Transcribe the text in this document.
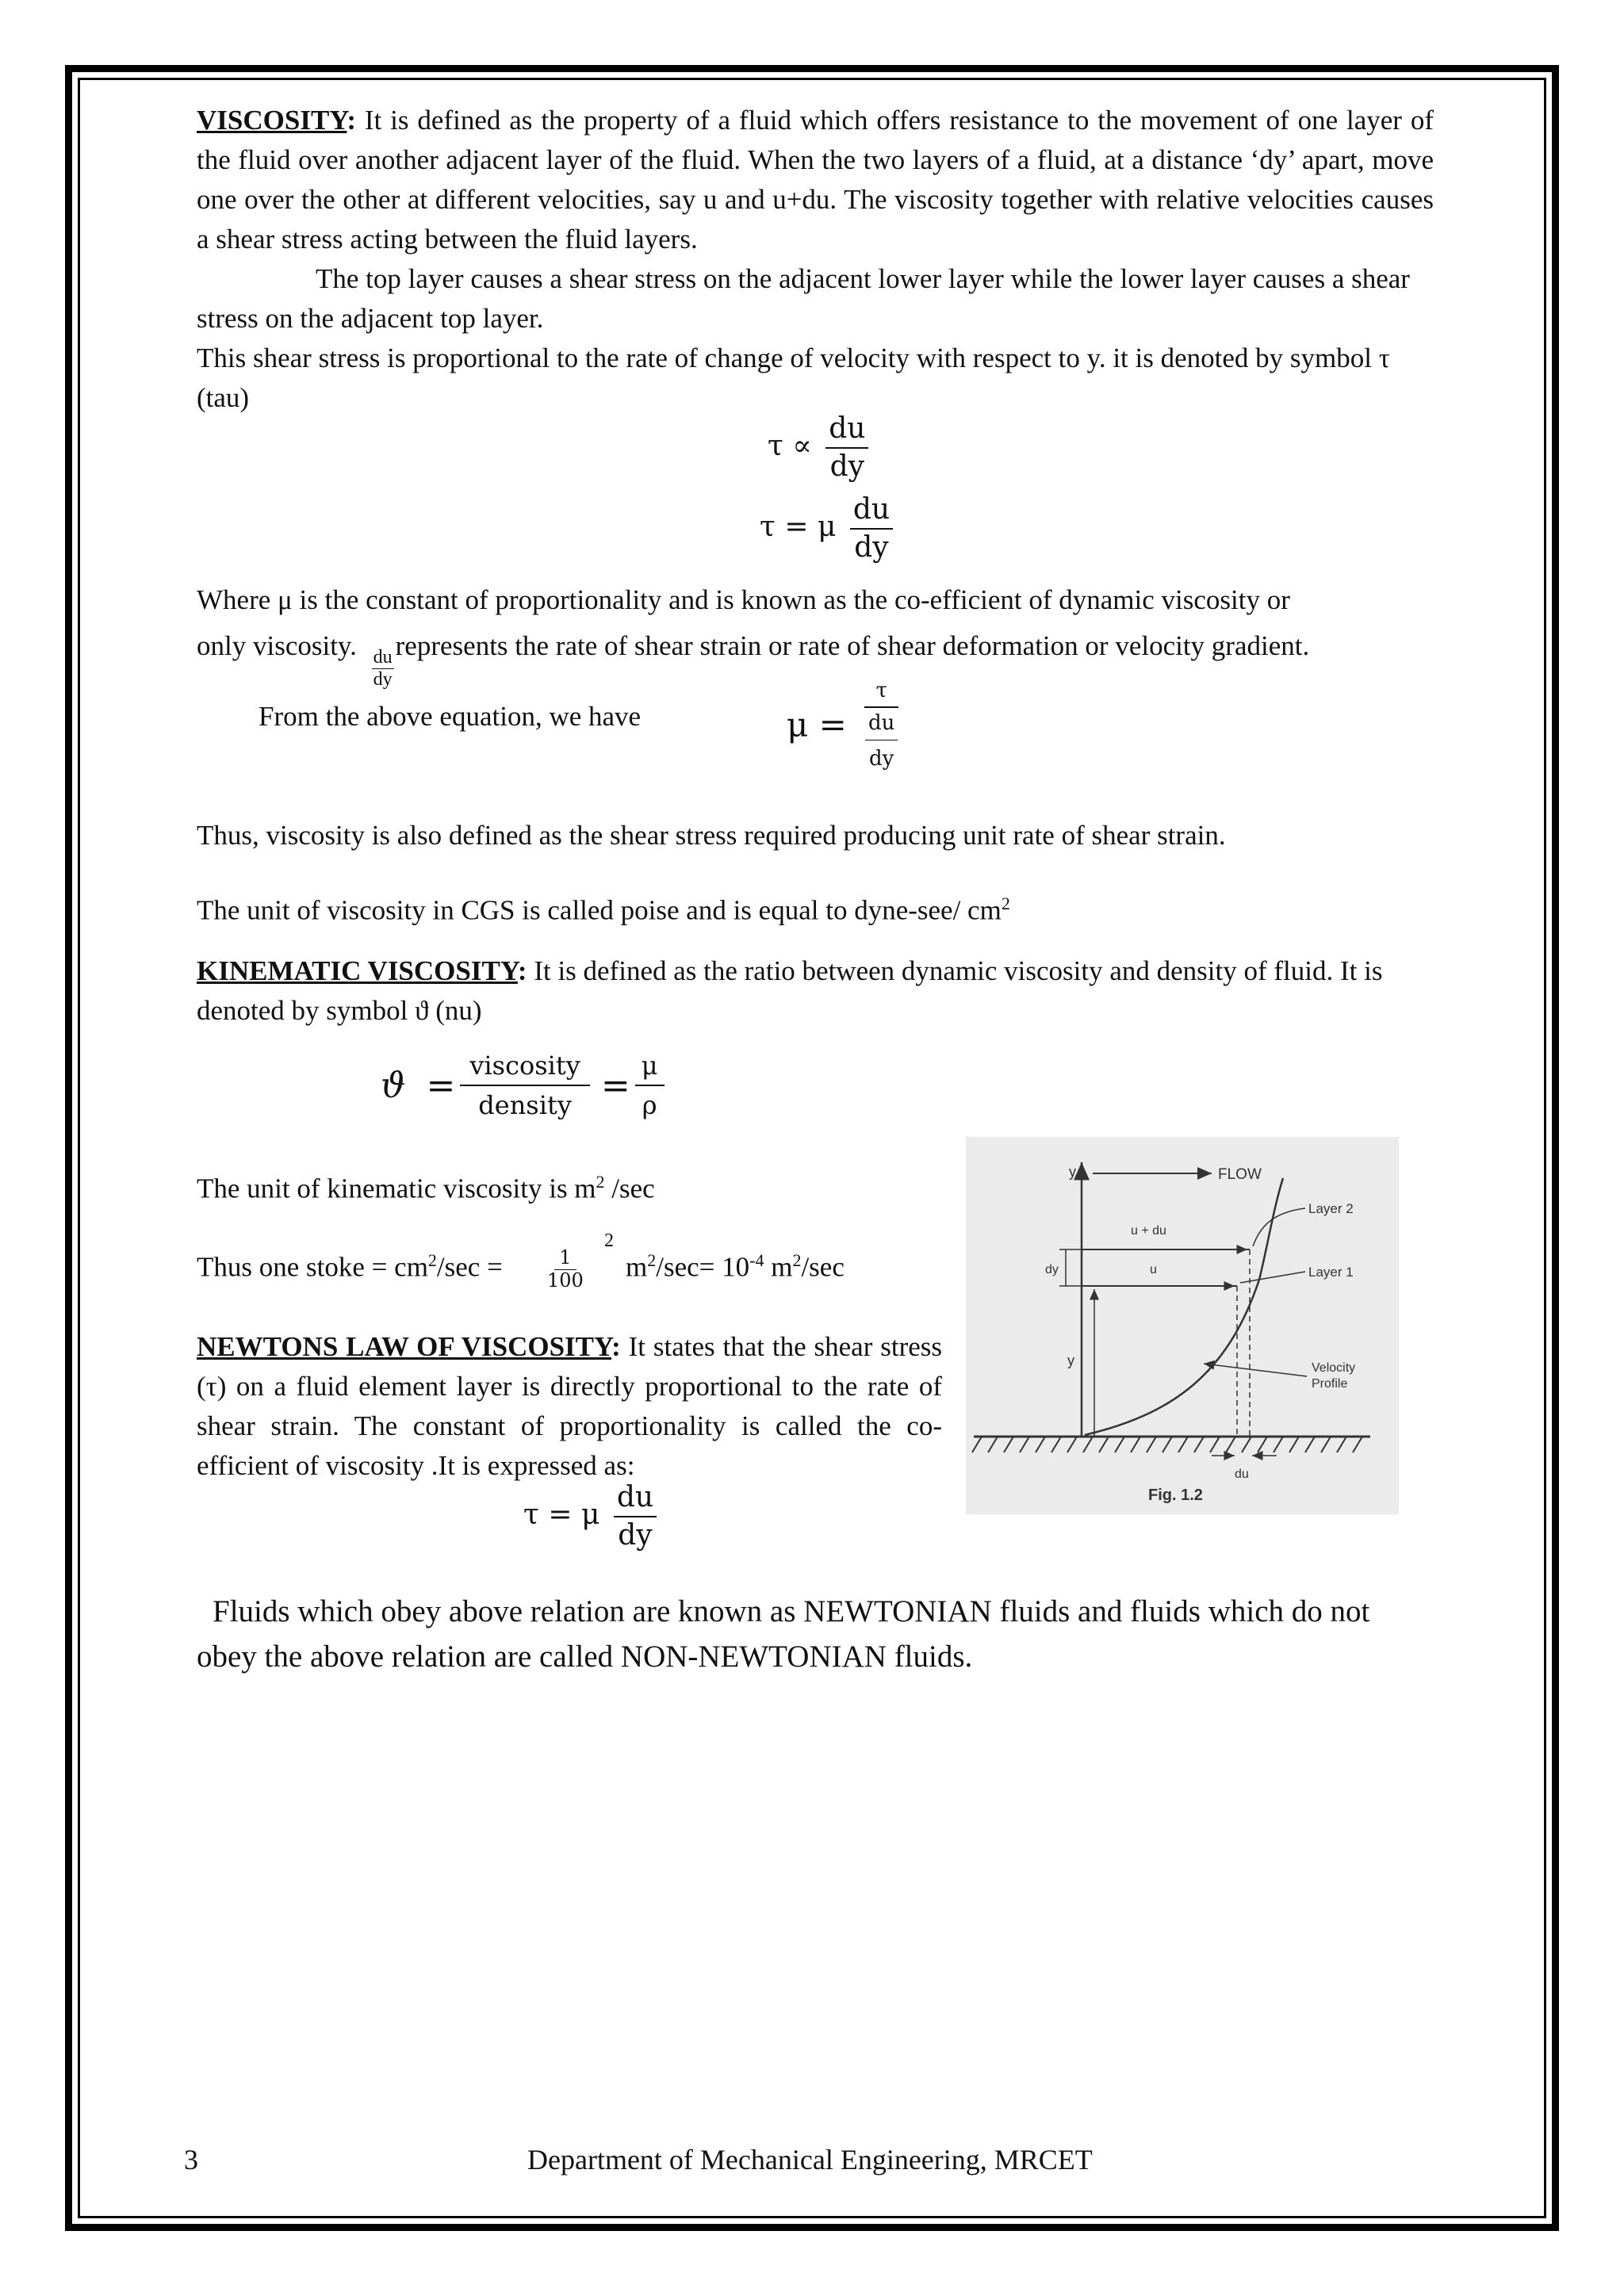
VISCOSITY: It is defined as the property of a fluid which offers resistance to the movement of one layer of the fluid over another adjacent layer of the fluid. When the two layers of a fluid, at a distance ‘dy’ apart, move one over the other at different velocities, say u and u+du. The viscosity together with relative velocities causes a shear stress acting between the fluid layers.

The top layer causes a shear stress on the adjacent lower layer while the lower layer causes a shear stress on the adjacent top layer.

This shear stress is proportional to the rate of change of velocity with respect to y. it is denoted by symbol τ (tau)

$\tau \propto \frac{du}{dy}$
τ = μ $\frac{du}{dy}$

Where μ is the constant of proportionality and is known as the co-efficient of dynamic viscosity or

only viscosity.
$\frac{du}{dy}$
represents the rate of shear strain or rate of shear deformation or velocity gradient.
From the above equation, we have	$\mu = \frac{\tau}{\frac{du}{dy}}$

Thus, viscosity is also defined as the shear stress required producing unit rate of shear strain.

The unit of viscosity in CGS is called poise and is equal to dyne-see/ $cm^2$

KINEMATIC VISCOSITY: It is defined as the ratio between dynamic viscosity and density of fluid. It is denoted by symbol ϑ (nu)

$ϑ = \frac{\text{viscosity}}{\text{density}} = \frac{\mu}{\rho}$
The unit of kinematic viscosity is $m^2$ /sec
Thus one stoke = $cm^2/\sec = \frac{1}{100}$
2
$m^2/\sec= 10^{-4}$ $m^2/\sec$

NEWTONS LAW OF VISCOSITY: It states that the shear stress (τ) on a fluid element layer is directly proportional to the rate of shear strain. The constant of proportionality is called the co- efficient of viscosity .It is expressed as:

τ = μ $\frac{du}{dy}$
y	FLOW
u + du
u
dy
y
Layer 2
Layer 1
Velocity
Profile
du
Fig. 1.2

Fluids which obey above relation are known as NEWTONIAN fluids and fluids which do not obey the above relation are called NON-NEWTONIAN fluids.

3	Department of Mechanical Engineering, MRCET
